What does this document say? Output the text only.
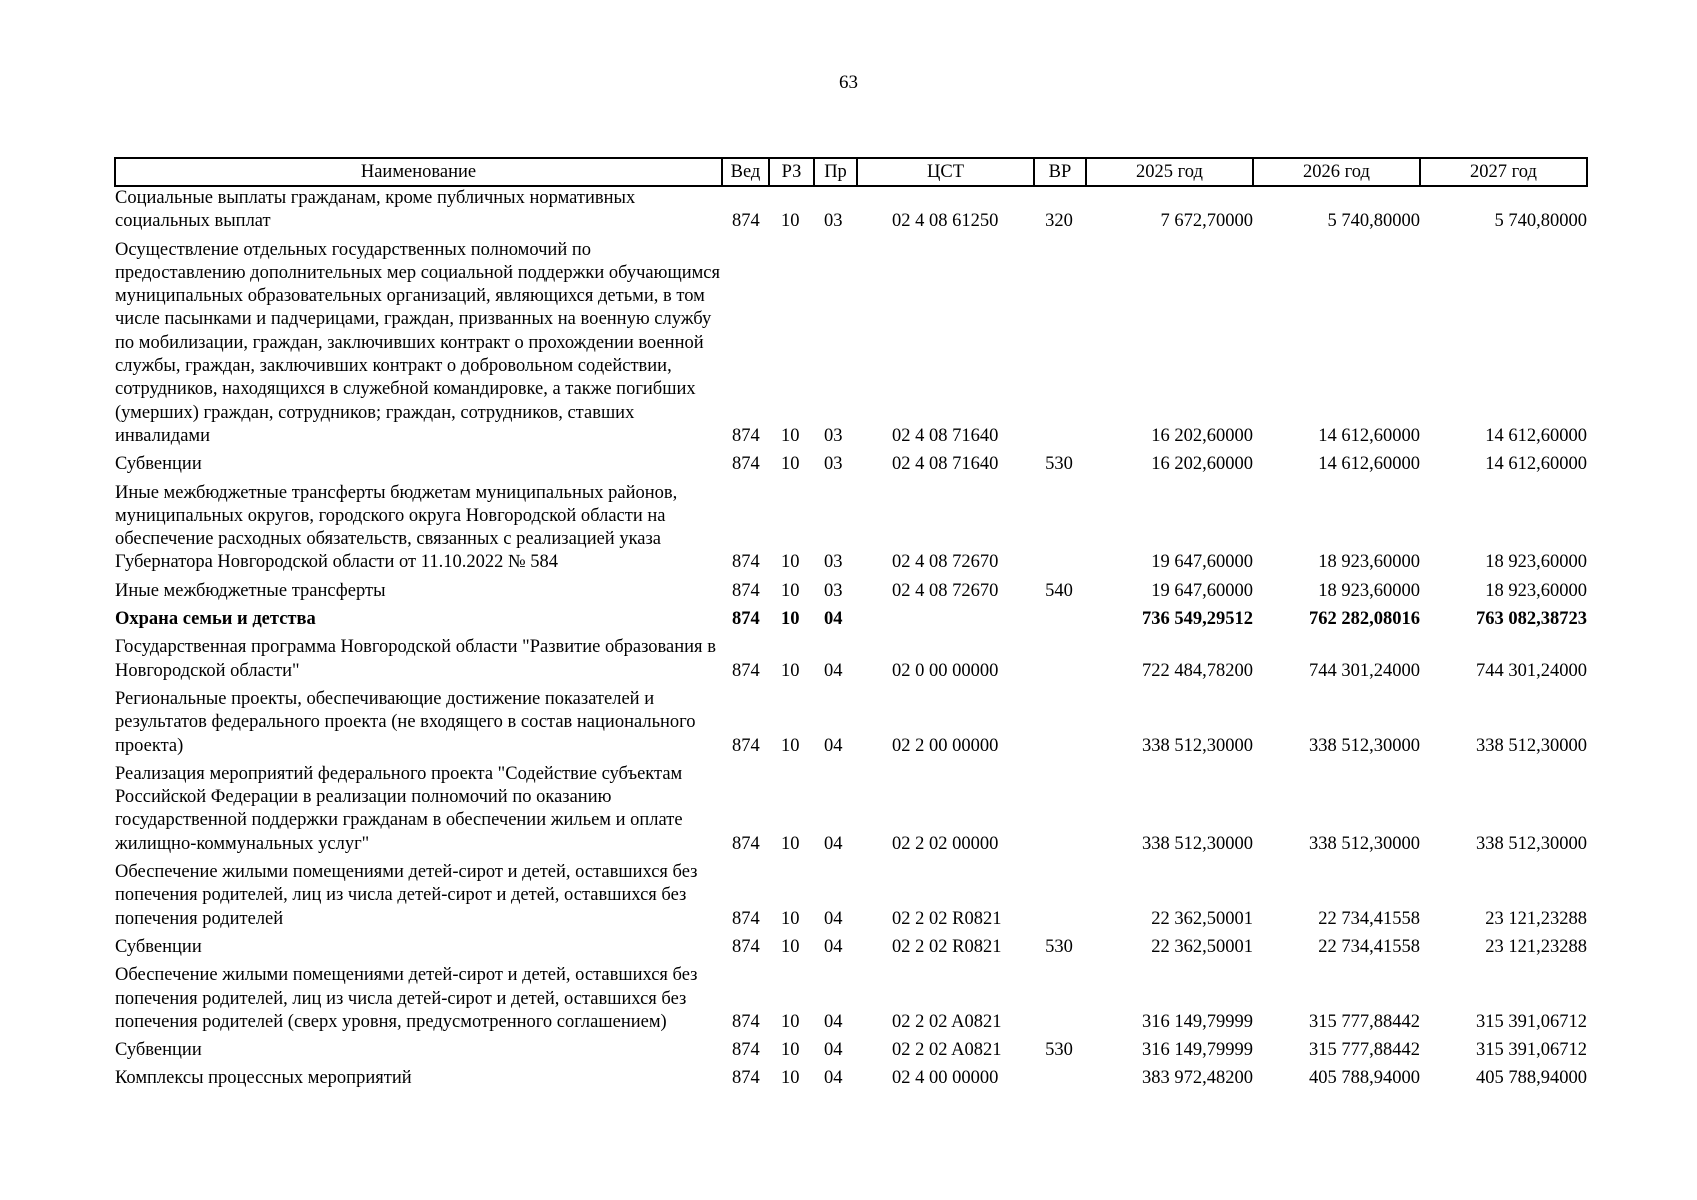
63
Наименование	Вед	РЗ	Пр	ЦСТ	ВР	2025 год	2026 год	2027 год
Социальные выплаты гражданам, кроме публичных нормативных социальных выплат	874	10	03	02 4 08 61250	320	7 672,70000	5 740,80000	5 740,80000
Осуществление отдельных государственных полномочий по предоставлению дополнительных мер социальной поддержки обучающимся муниципальных образовательных организаций, являющихся детьми, в том числе пасынками и падчерицами, граждан, призванных на военную службу по мобилизации, граждан, заключивших контракт о прохождении военной службы, граждан, заключивших контракт о добровольном содействии, сотрудников, находящихся в служебной командировке, а также погибших (умерших) граждан, сотрудников; граждан, сотрудников, ставших инвалидами	874	10	03	02 4 08 71640		16 202,60000	14 612,60000	14 612,60000
Субвенции	874	10	03	02 4 08 71640	530	16 202,60000	14 612,60000	14 612,60000
Иные межбюджетные трансферты бюджетам муниципальных районов, муниципальных округов, городского округа Новгородской области на обеспечение расходных обязательств, связанных с реализацией указа Губернатора Новгородской области от 11.10.2022 № 584	874	10	03	02 4 08 72670		19 647,60000	18 923,60000	18 923,60000
Иные межбюджетные трансферты	874	10	03	02 4 08 72670	540	19 647,60000	18 923,60000	18 923,60000
Охрана семьи и детства	874	10	04			736 549,29512	762 282,08016	763 082,38723
Государственная программа Новгородской области "Развитие образования в Новгородской области"	874	10	04	02 0 00 00000		722 484,78200	744 301,24000	744 301,24000
Региональные проекты, обеспечивающие достижение показателей и результатов федерального проекта (не входящего в состав национального проекта)	874	10	04	02 2 00 00000		338 512,30000	338 512,30000	338 512,30000
Реализация мероприятий федерального проекта "Содействие субъектам Российской Федерации в реализации полномочий по оказанию государственной поддержки гражданам в обеспечении жильем и оплате жилищно-коммунальных услуг"	874	10	04	02 2 02 00000		338 512,30000	338 512,30000	338 512,30000
Обеспечение жилыми помещениями детей-сирот и детей, оставшихся без попечения родителей, лиц из числа детей-сирот и детей, оставшихся без попечения родителей	874	10	04	02 2 02 R0821		22 362,50001	22 734,41558	23 121,23288
Субвенции	874	10	04	02 2 02 R0821	530	22 362,50001	22 734,41558	23 121,23288
Обеспечение жилыми помещениями детей-сирот и детей, оставшихся без попечения родителей, лиц из числа детей-сирот и детей, оставшихся без попечения родителей (сверх уровня, предусмотренного соглашением)	874	10	04	02 2 02 A0821		316 149,79999	315 777,88442	315 391,06712
Субвенции	874	10	04	02 2 02 A0821	530	316 149,79999	315 777,88442	315 391,06712
Комплексы процессных мероприятий	874	10	04	02 4 00 00000		383 972,48200	405 788,94000	405 788,94000
